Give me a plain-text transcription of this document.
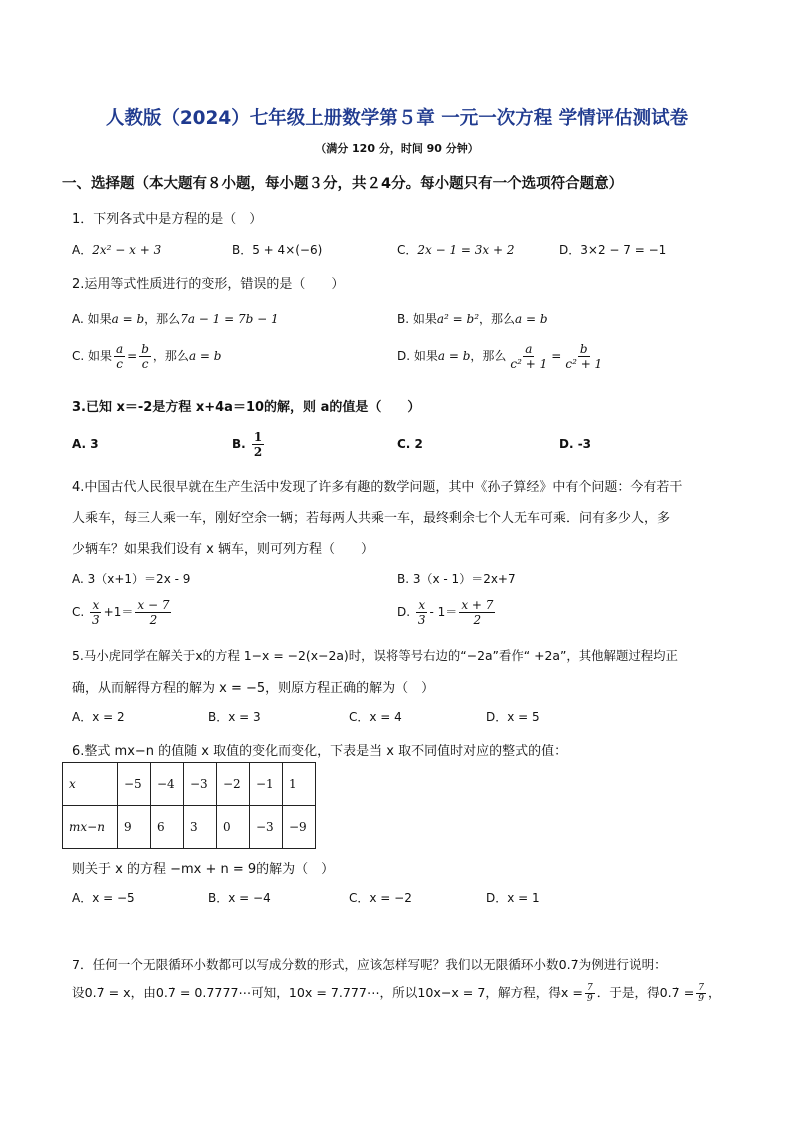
人教版（2024）七年级上册数学第５章 一元一次方程 学情评估测试卷
（满分 120 分，时间 90 分钟）
一、选择题（本大题有８小题，每小题３分，共２4分。每小题只有一个选项符合题意）
1．下列各式中是方程的是（　）
A．2x² − x + 3	B．5 + 4×(−6)	C．2x − 1 = 3x + 2	D．3×2 − 7 = −1
2.运用等式性质进行的变形，错误的是（　　）
A. 如果a = b，那么7a − 1 = 7b − 1	B. 如果a² = b²，那么a = b
C. 如果 $\frac{a}{c} = \frac{b}{c}$ ，那么a = b	D. 如果a = b，那么 $\frac{a}{\text{c² + 1}} = \frac{b}{\text{c² + 1}}$
3.已知 x＝-2是方程 x+4a＝10的解，则 a的值是（　　）
A. 3	B. $\frac{1}{2}$	C. 2	D. -3
4.中国古代人民很早就在生产生活中发现了许多有趣的数学问题，其中《孙子算经》中有个问题：今有若干
人乘车，每三人乘一车，刚好空余一辆；若每两人共乘一车，最终剩余七个人无车可乘．问有多少人，多
少辆车？如果我们设有 x 辆车，则可列方程（　　）
A. 3（x+1）＝2x - 9	B. 3（x - 1）＝2x+7
C. $\frac{x}{3} +1= \frac{x - 7}{2}$	D. $\frac{x}{3} - 1= \frac{x + 7}{2}$
5.马小虎同学在解关于x的方程 1−x = −2(x−2a)时，误将等号右边的“−2a”看作“ +2a”，其他解题过程均正
确，从而解得方程的解为 x = −5，则原方程正确的解为（　）
A．x = 2	B．x = 3	C．x = 4	D．x = 5
6.整式 mx−n 的值随 x 取值的变化而变化，下表是当 x 取不同值时对应的整式的值：
x	−5	−4	−3	−2	−1	1
mx−n	9	6	3	0	−3	−9
则关于 x 的方程 −mx + n = 9的解为（　）
A．x = −5	B．x = −4	C．x = −2	D．x = 1
7．任何一个无限循环小数都可以写成分数的形式，应该怎样写呢？我们以无限循环小数0.7̇为例进行说明：
设0.7̇ = x，由0.7̇ = 0.7777⋯可知，10x = 7.777⋯，所以10x−x = 7，解方程，得$x = \frac{7}{9}$ ．于是，得0.7̇ = $\frac{7}{9}$ ，
